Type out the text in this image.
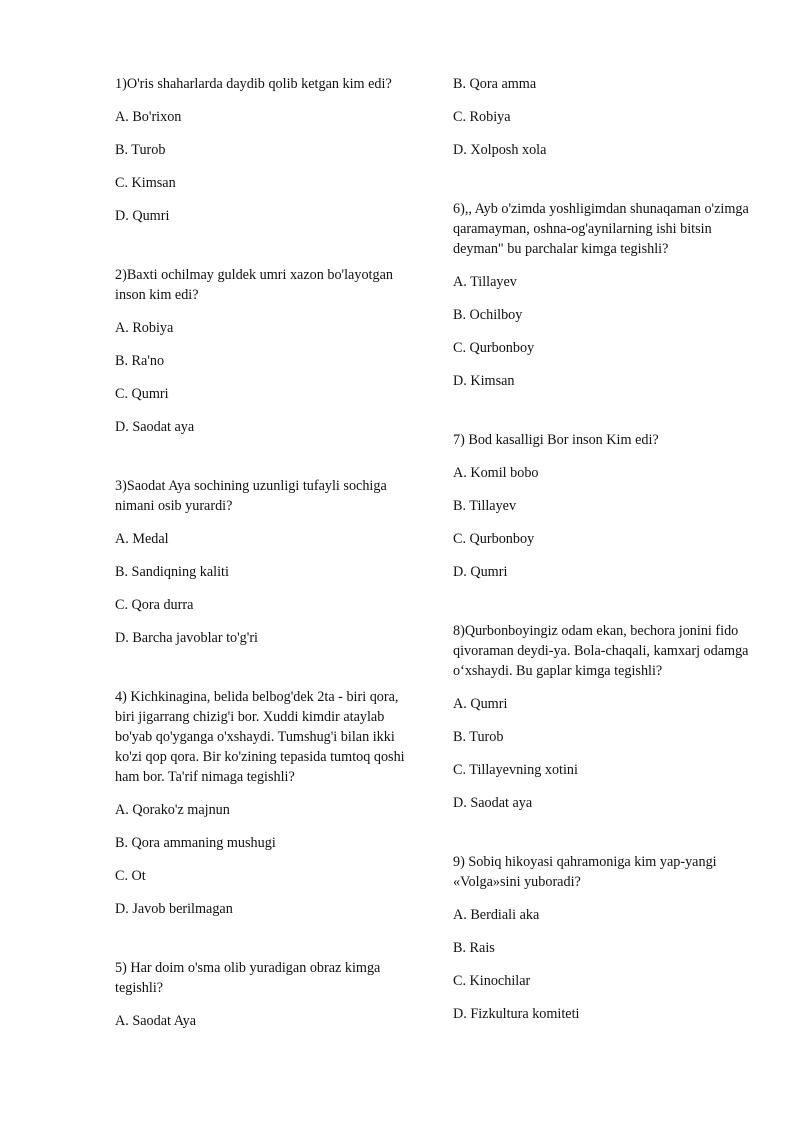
1)O'ris shaharlarda daydib qolib ketgan kim edi?

A. Bo'rixon

B. Turob

C. Kimsan

D. Qumri

2)Baxti ochilmay guldek umri xazon bo'layotgan inson kim edi?

A. Robiya

B. Ra'no

C. Qumri

D. Saodat aya

3)Saodat Aya sochining uzunligi tufayli sochiga nimani osib yurardi?

A. Medal

B. Sandiqning kaliti

C. Qora durra

D. Barcha javoblar to'g'ri

4) Kichkinagina, belida belbog'dek 2ta - biri qora, biri jigarrang chizig'i bor. Xuddi kimdir ataylab bo'yab qo'yganga o'xshaydi. Tumshug'i bilan ikki ko'zi qop qora. Bir ko'zining tepasida tumtoq qoshi ham bor. Ta'rif nimaga tegishli?

A. Qorako'z majnun

B. Qora ammaning mushugi

C. Ot

D. Javob berilmagan

5) Har doim o'sma olib yuradigan obraz kimga tegishli?

A. Saodat Aya

B. Qora amma

C. Robiya

D. Xolposh xola

6),, Ayb o'zimda yoshligimdan shunaqaman o'zimga qaramayman, oshna-og'aynilarning ishi bitsin deyman" bu parchalar kimga tegishli?

A. Tillayev

B. Ochilboy

C. Qurbonboy

D. Kimsan

7) Bod kasalligi Bor inson Kim edi?

A. Komil bobo

B. Tillayev

C. Qurbonboy

D. Qumri

8)Qurbonboyingiz odam ekan, bechora jonini fido qivoraman deydi-ya. Bola-chaqali, kamxarj odamga o‘xshaydi. Bu gaplar kimga tegishli?

A. Qumri

B. Turob

C. Tillayevning xotini

D. Saodat aya

9) Sobiq hikoyasi qahramoniga kim yap-yangi «Volga»sini yuboradi?

A. Berdiali aka

B. Rais

C. Kinochilar

D. Fizkultura komiteti
